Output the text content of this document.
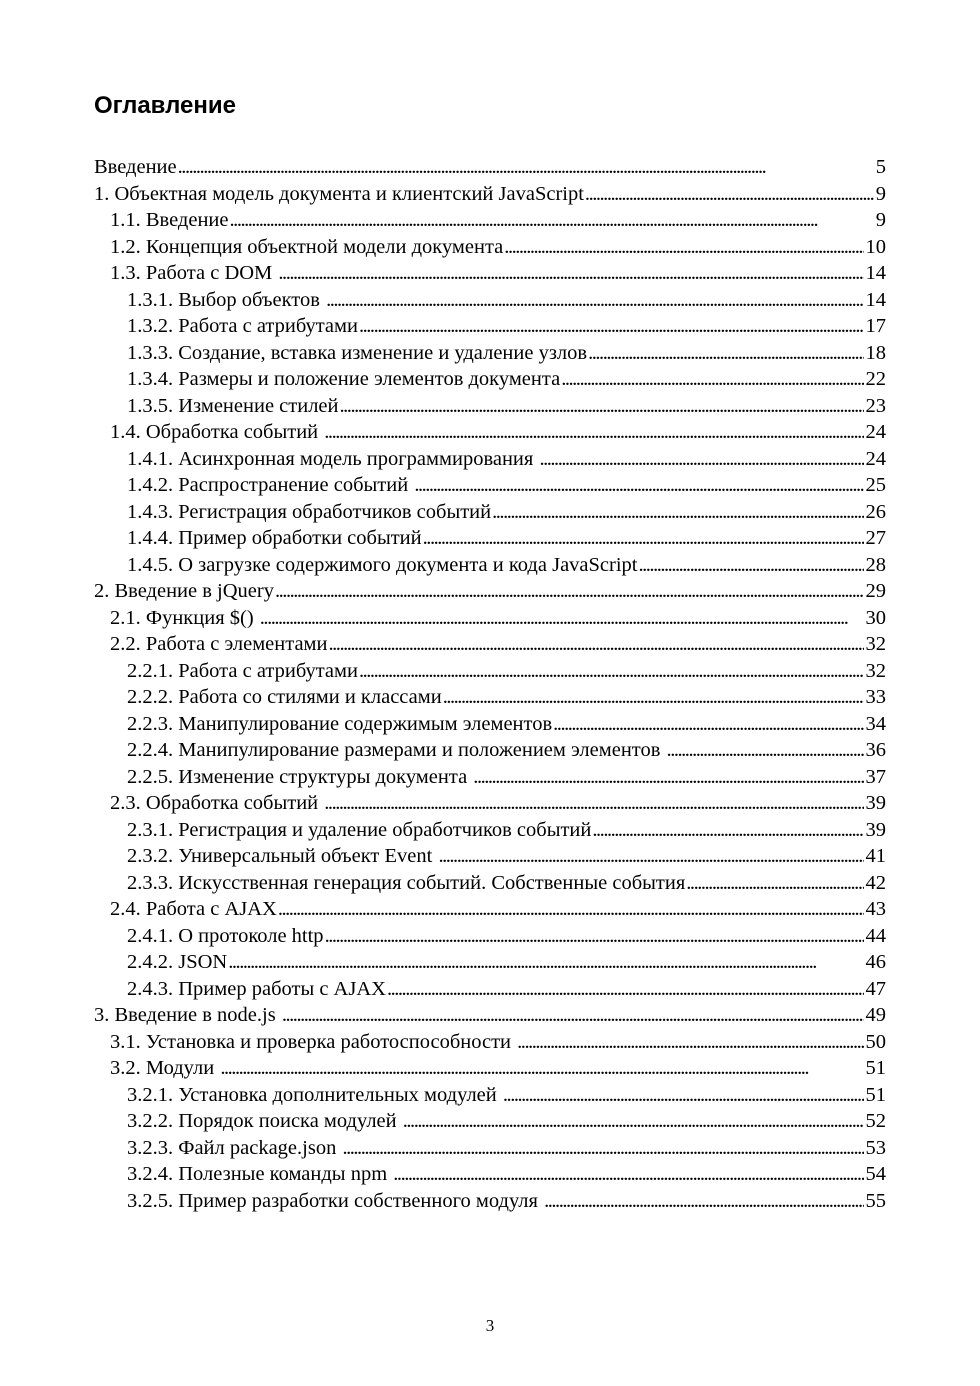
Оглавление
Введение . . .	5
1. Объектная модель документа и клиентский JavaScript . . .	9
1.1. Введение . . .	9
1.2. Концепция объектной модели документа . . .	10
1.3. Работа с DOM . . .	14
1.3.1. Выбор объектов . . .	14
1.3.2. Работа с атрибутами . . .	17
1.3.3. Создание, вставка изменение и удаление узлов . . .	18
1.3.4. Размеры и положение элементов документа . . .	22
1.3.5. Изменение стилей . . .	23
1.4. Обработка событий . . .	24
1.4.1. Асинхронная модель программирования . . .	24
1.4.2. Распространение событий . . .	25
1.4.3. Регистрация обработчиков событий . . .	26
1.4.4. Пример обработки событий . . .	27
1.4.5. О загрузке содержимого документа и кода JavaScript . . .	28
2. Введение в jQuery . . .	29
2.1. Функция $() . . .	30
2.2. Работа с элементами . . .	32
2.2.1. Работа с атрибутами . . .	32
2.2.2. Работа со стилями и классами . . .	33
2.2.3. Манипулирование содержимым элементов . . .	34
2.2.4. Манипулирование размерами и положением элементов . . .	36
2.2.5. Изменение структуры документа . . .	37
2.3. Обработка событий . . .	39
2.3.1. Регистрация и удаление обработчиков событий . . .	39
2.3.2. Универсальный объект Event . . .	41
2.3.3. Искусственная генерация событий. Собственные события . . .	42
2.4. Работа с AJAX . . .	43
2.4.1. О протоколе http . . .	44
2.4.2. JSON . . .	46
2.4.3. Пример работы с AJAX . . .	47
3. Введение в node.js . . .	49
3.1. Установка и проверка работоспособности . . .	50
3.2. Модули . . .	51
3.2.1. Установка дополнительных модулей . . .	51
3.2.2. Порядок поиска модулей . . .	52
3.2.3. Файл package.json . . .	53
3.2.4. Полезные команды npm . . .	54
3.2.5. Пример разработки собственного модуля . . .	55
3
